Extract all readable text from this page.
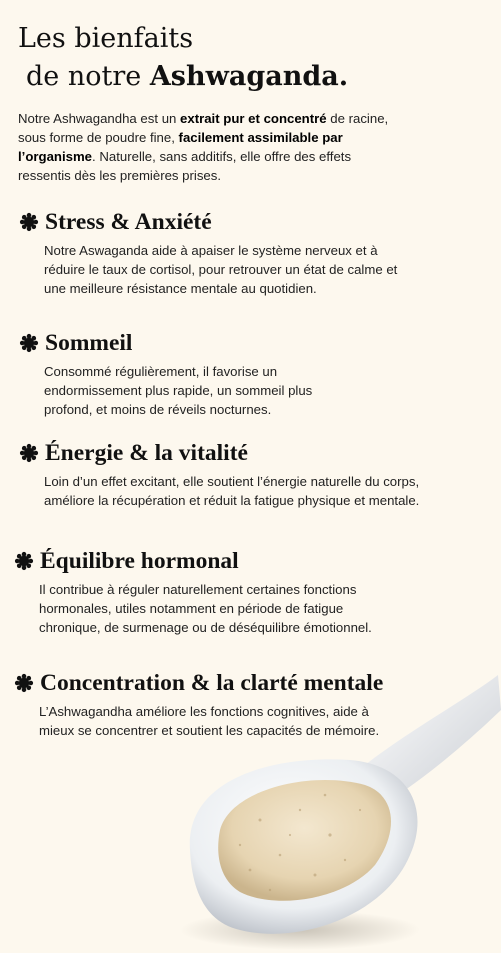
Les bienfaits
de notre Ashwaganda.

Notre Ashwagandha est un extrait pur et concentré de racine, sous forme de poudre fine, facilement assimilable par l’organisme. Naturelle, sans additifs, elle offre des effets ressentis dès les premières prises.

Stress & Anxiété

Notre Aswaganda aide à apaiser le système nerveux et à réduire le taux de cortisol, pour retrouver un état de calme et une meilleure résistance mentale au quotidien.

Sommeil

Consommé régulièrement, il favorise un endormissement plus rapide, un sommeil plus profond, et moins de réveils nocturnes.

Énergie & la vitalité

Loin d’un effet excitant, elle soutient l’énergie naturelle du corps, améliore la récupération et réduit la fatigue physique et mentale.

Équilibre hormonal

Il contribue à réguler naturellement certaines fonctions hormonales, utiles notamment en période de fatigue chronique, de surmenage ou de déséquilibre émotionnel.

Concentration & la clarté mentale

L’Ashwagandha améliore les fonctions cognitives, aide à mieux se concentrer et soutient les capacités de mémoire.
